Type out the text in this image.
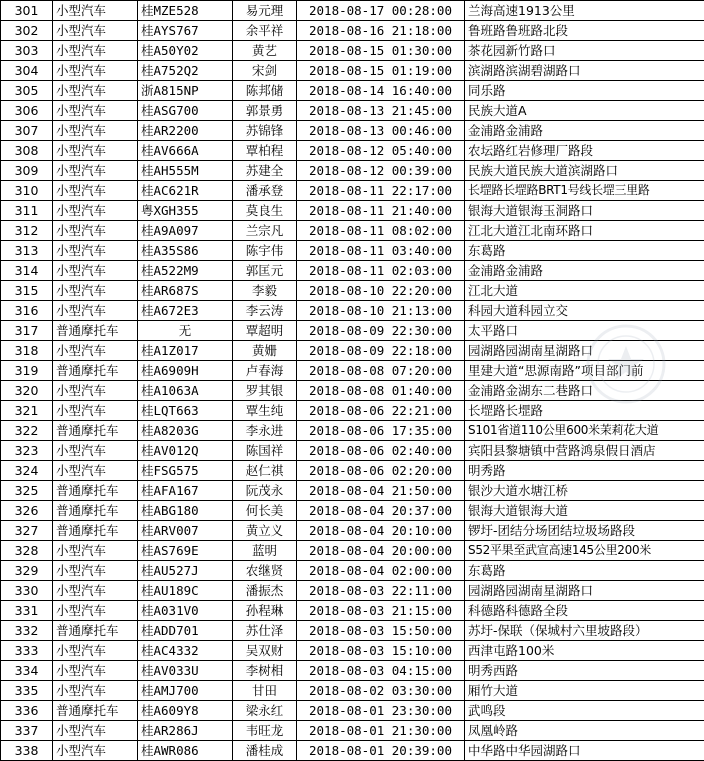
301	小型汽车	桂MZE528	易元理	2018-08-17 00:28:00	兰海高速1913公里
302	小型汽车	桂AYS767	余平祥	2018-08-16 21:18:00	鲁班路鲁班路北段
303	小型汽车	桂A50Y02	黄艺	2018-08-15 01:30:00	茶花园新竹路口
304	小型汽车	桂A752Q2	宋剑	2018-08-15 01:19:00	滨湖路滨湖碧湖路口
305	小型汽车	浙A815NP	陈邦储	2018-08-14 16:40:00	同乐路
306	小型汽车	桂ASG700	郭景勇	2018-08-13 21:45:00	民族大道A
307	小型汽车	桂AR2200	苏锦锋	2018-08-13 00:46:00	金浦路金浦路
308	小型汽车	桂AV666A	覃柏程	2018-08-12 05:40:00	农坛路红岩修理厂路段
309	小型汽车	桂AH555M	苏建全	2018-08-12 00:39:00	民族大道民族大道滨湖路口
310	小型汽车	桂AC621R	潘承登	2018-08-11 22:17:00	长堽路长堽路BRT1号线长堽三里路
311	小型汽车	粤XGH355	莫良生	2018-08-11 21:40:00	银海大道银海玉洞路口
312	小型汽车	桂A9A097	兰宗凡	2018-08-11 08:02:00	江北大道江北南环路口
313	小型汽车	桂A35S86	陈宇伟	2018-08-11 03:40:00	东葛路
314	小型汽车	桂A522M9	郭匡元	2018-08-11 02:03:00	金浦路金浦路
315	小型汽车	桂AR687S	李毅	2018-08-10 22:20:00	江北大道
316	小型汽车	桂A672E3	李云涛	2018-08-10 21:13:00	科园大道科园立交
317	普通摩托车	无	覃超明	2018-08-09 22:30:00	太平路口
318	小型汽车	桂A1Z017	黄姗	2018-08-09 22:18:00	园湖路园湖南星湖路口
319	普通摩托车	桂A6909H	卢春海	2018-08-08 07:20:00	里建大道“思源南路”项目部门前
320	小型汽车	桂A1063A	罗其银	2018-08-08 01:40:00	金浦路金湖东二巷路口
321	小型汽车	桂LQT663	覃生纯	2018-08-06 22:21:00	长堽路长堽路
322	普通摩托车	桂A8203G	李永进	2018-08-06 17:35:00	S101省道110公里600米茉莉花大道
323	小型汽车	桂AV012Q	陈国祥	2018-08-06 02:40:00	宾阳县黎塘镇中营路鸿泉假日酒店
324	小型汽车	桂FSG575	赵仁祺	2018-08-06 02:20:00	明秀路
325	普通摩托车	桂AFA167	阮茂永	2018-08-04 21:50:00	银沙大道水塘江桥
326	普通摩托车	桂ABG180	何长美	2018-08-04 20:37:00	银海大道银海大道
327	普通摩托车	桂ARV007	黄立义	2018-08-04 20:10:00	锣圩-团结分场团结垃圾场路段
328	小型汽车	桂AS769E	蓝明	2018-08-04 20:00:00	S52平果至武宣高速145公里200米
329	小型汽车	桂AU527J	农继贤	2018-08-04 02:00:00	东葛路
330	小型汽车	桂AU189C	潘振杰	2018-08-03 22:11:00	园湖路园湖南星湖路口
331	小型汽车	桂A031V0	孙程琳	2018-08-03 21:15:00	科德路科德路全段
332	普通摩托车	桂ADD701	苏仕泽	2018-08-03 15:50:00	苏圩-保联（保城村六里坡路段）
333	小型汽车	桂AC4332	吴双财	2018-08-03 15:10:00	西津屯路100米
334	小型汽车	桂AV033U	李树相	2018-08-03 04:15:00	明秀西路
335	小型汽车	桂AMJ700	甘田	2018-08-02 03:30:00	厢竹大道
336	普通摩托车	桂A609Y8	梁永红	2018-08-01 23:30:00	武鸣段
337	小型汽车	桂AR286J	韦旺龙	2018-08-01 21:30:00	凤凰岭路
338	小型汽车	桂AWR086	潘桂成	2018-08-01 20:39:00	中华路中华园湖路口
